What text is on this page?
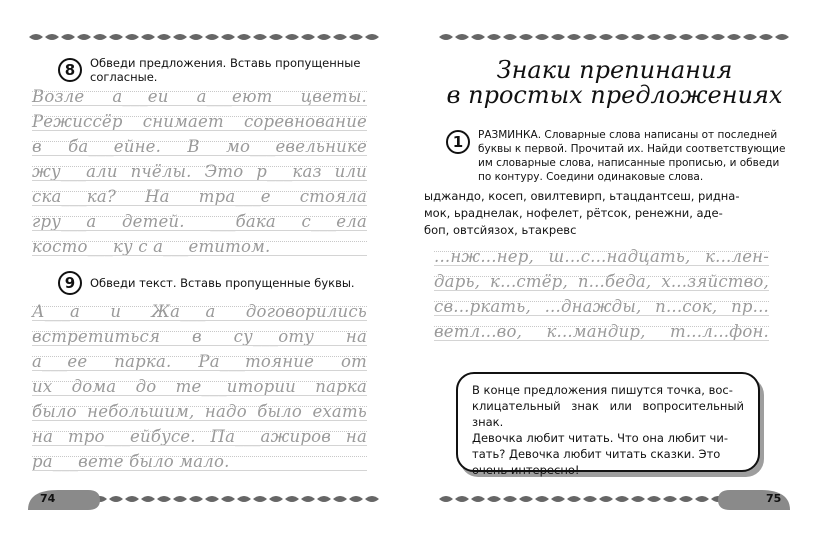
8	Обведи предложения. Вставь пропущенные согласные.
Возле а___еи а___еют цветы.
Режиссёр снимает соревнование
в ба___ейне. В мо___евельнике
жу___али пчёлы. Это р___каз или
ска___ка? На тра___е стояла
гру___а детей. ___бака с___ела
косто___ку с а___етитом.
9	Обведи текст. Вставь пропущенные буквы.
А___а и Жа___а договорились
встретиться в су___оту на
а___ее парка. Ра___тояние от
их дома до те___итории парка
было небольшим, надо было ехать
на тро___ейбусе. Па___ажиров на
ра___вете было мало.
74
Знаки препинания
в простых предложениях
1	РАЗМИНКА. Словарные слова написаны от последней
буквы к первой. Прочитай их. Найди соответствующие
им словарные слова, написанные прописью, и обведи
по контуру. Соедини одинаковые слова.
ыджандо, косеп, овилтевирп, ьтацдантсеш, ридна-
мок, ьраднелак, нофелет, рётсок, ренежни, аде-
боп, овтсйязох, ьтакревс
...нж...нер, ш...с...надцать, к...лен-
дарь, к...стёр, п...беда, х...зяйство,
св...ркать, ...днажды, п...сок, пр...
ветл...во, к...мандир, т...л...фон.
В конце предложения пишутся точка, вос-
клицательный знак или вопросительный знак.
Девочка любит читать. Что она любит чи-
тать? Девочка любит читать сказки. Это
очень интересно!
75
